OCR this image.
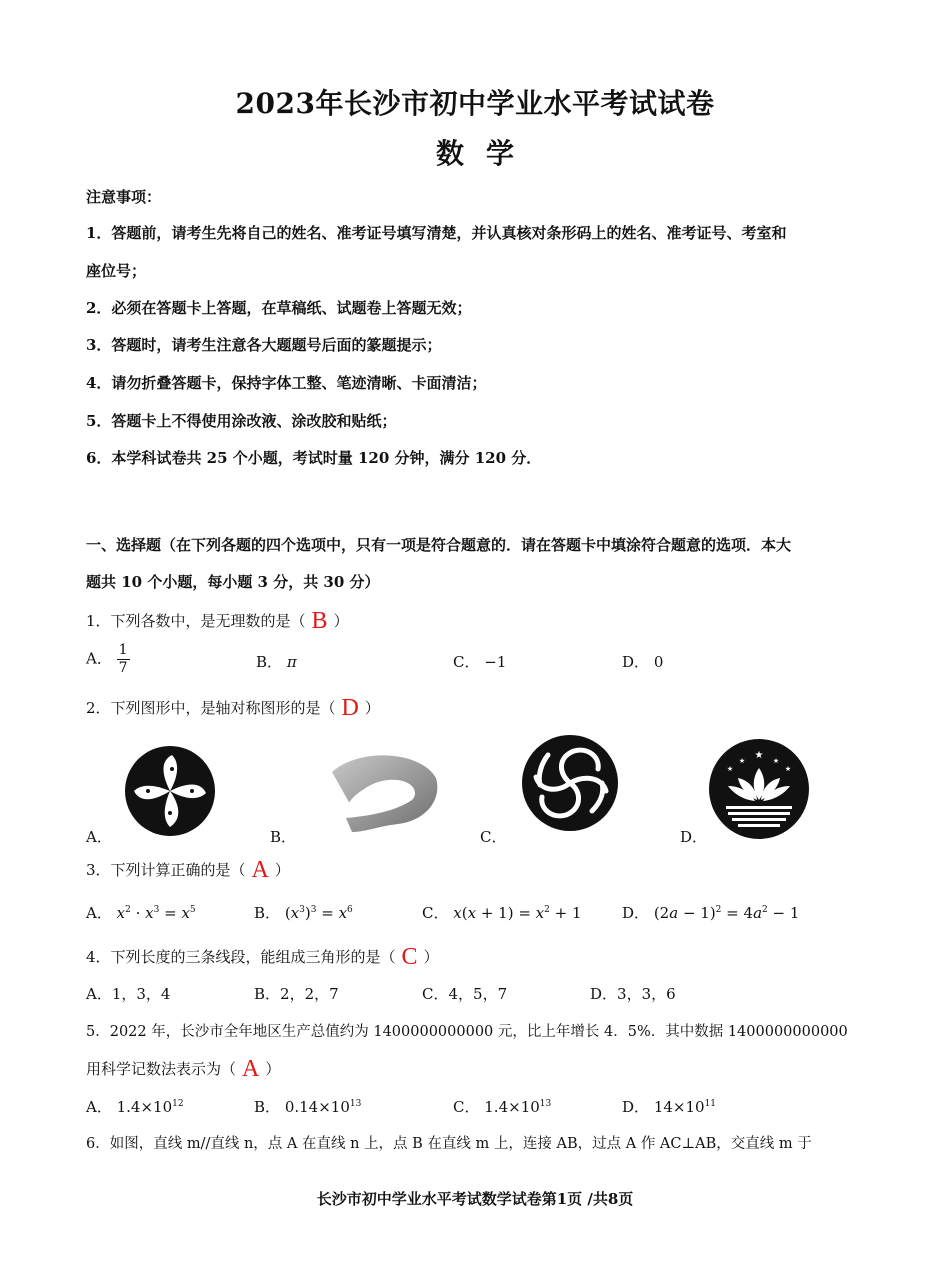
2023年长沙市初中学业水平考试试卷
数学
注意事项：
1．答题前，请考生先将自己的姓名、准考证号填写清楚，并认真核对条形码上的姓名、准考证号、考室和
座位号；
2．必须在答题卡上答题，在草稿纸、试题卷上答题无效；
3．答题时，请考生注意各大题题号后面的篆题提示；
4．请勿折叠答题卡，保持字体工整、笔迹清晰、卡面清洁；
5．答题卡上不得使用涂改液、涂改胶和贴纸；
6．本学科试卷共 25 个小题，考试时量 120 分钟，满分 120 分．
一、选择题（在下列各题的四个选项中，只有一项是符合题意的．请在答题卡中填涂符合题意的选项．本大
题共 10 个小题，每小题 3 分，共 30 分）
1．下列各数中，是无理数的是（ B ）
A． $\frac{1}{7}$	B． π	C． −1	D． 0
2．下列图形中，是轴对称图形的是（ D ）
★
★	★
★	★
A．	B．	C．	D．
3．下列计算正确的是（ A ）
A． $x^2 \cdot x^3 = x^5$	B． $(x^3)^3 = x^6$	C． $x(x + 1) = x^2 + 1$	D． $(2a - 1)^2 = 4a^2 - 1$
4．下列长度的三条线段，能组成三角形的是（ C ）
A．1，3，4	B．2，2，7	C．4，5，7	D．3，3，6
5．2022 年，长沙市全年地区生产总值约为 1400000000000 元，比上年增长 4．5%．其中数据 1400000000000
用科学记数法表示为（ A ）
A． $1.4\times 10^{12}$	B． $0.14\times 10^{13}$	C． $1.4\times 10^{13}$	D． $14\times 10^{11}$
6．如图，直线 m//直线 n，点 A 在直线 n 上，点 B 在直线 m 上，连接 AB，过点 A 作 AC⊥AB，交直线 m 于
长沙市初中学业水平考试数学试卷第1页 /共8页
